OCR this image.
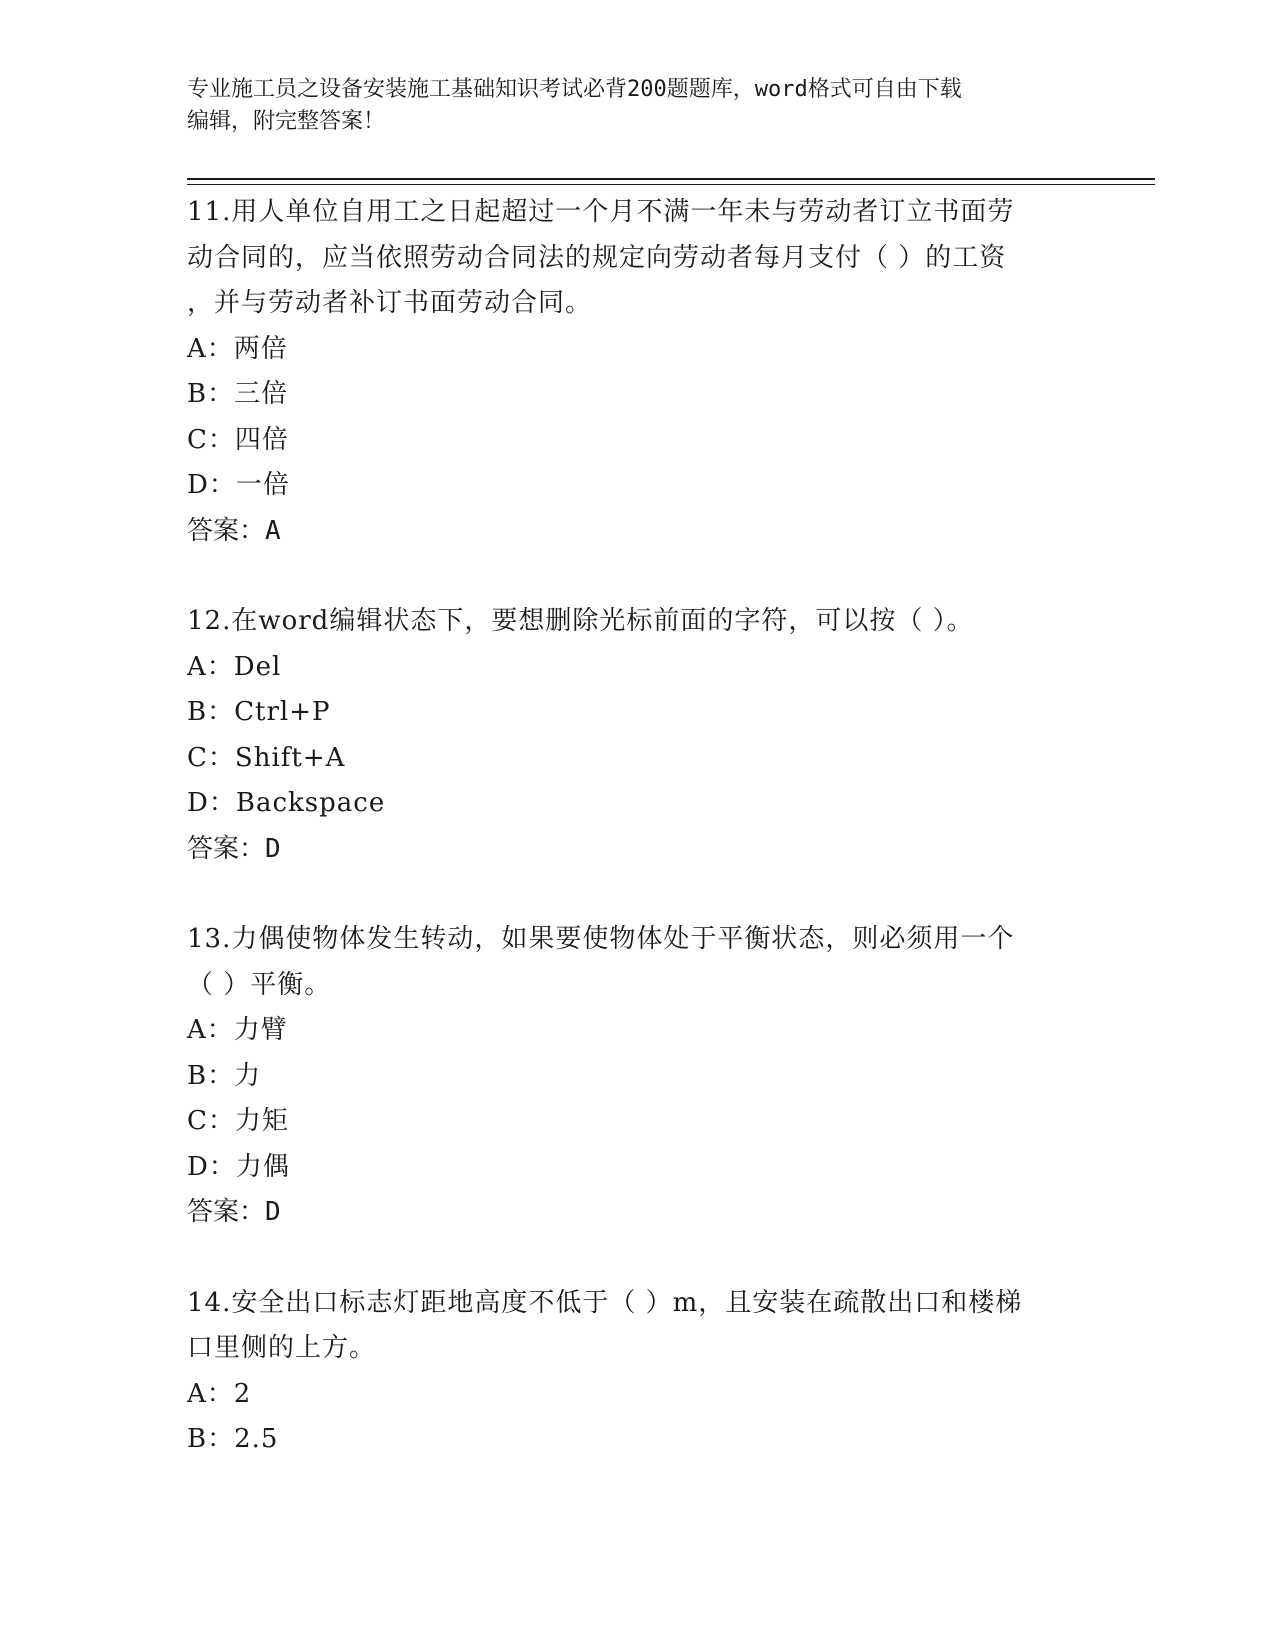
专业施工员之设备安装施工基础知识考试必背200题题库，word格式可自由下载
编辑，附完整答案！

11.用人单位自用工之日起超过一个月不满一年未与劳动者订立书面劳

动合同的，应当依照劳动合同法的规定向劳动者每月支付（ ）的工资

，并与劳动者补订书面劳动合同。

A：两倍

B：三倍

C：四倍

D：一倍

答案：A

12.在word编辑状态下，要想删除光标前面的字符，可以按（ ）。

A：Del

B：Ctrl+P

C：Shift+A

D：Backspace

答案：D

13.力偶使物体发生转动，如果要使物体处于平衡状态，则必须用一个

（ ）平衡。

A：力臂

B：力

C：力矩

D：力偶

答案：D

14.安全出口标志灯距地高度不低于（ ）m，且安装在疏散出口和楼梯

口里侧的上方。

A：2

B：2.5
